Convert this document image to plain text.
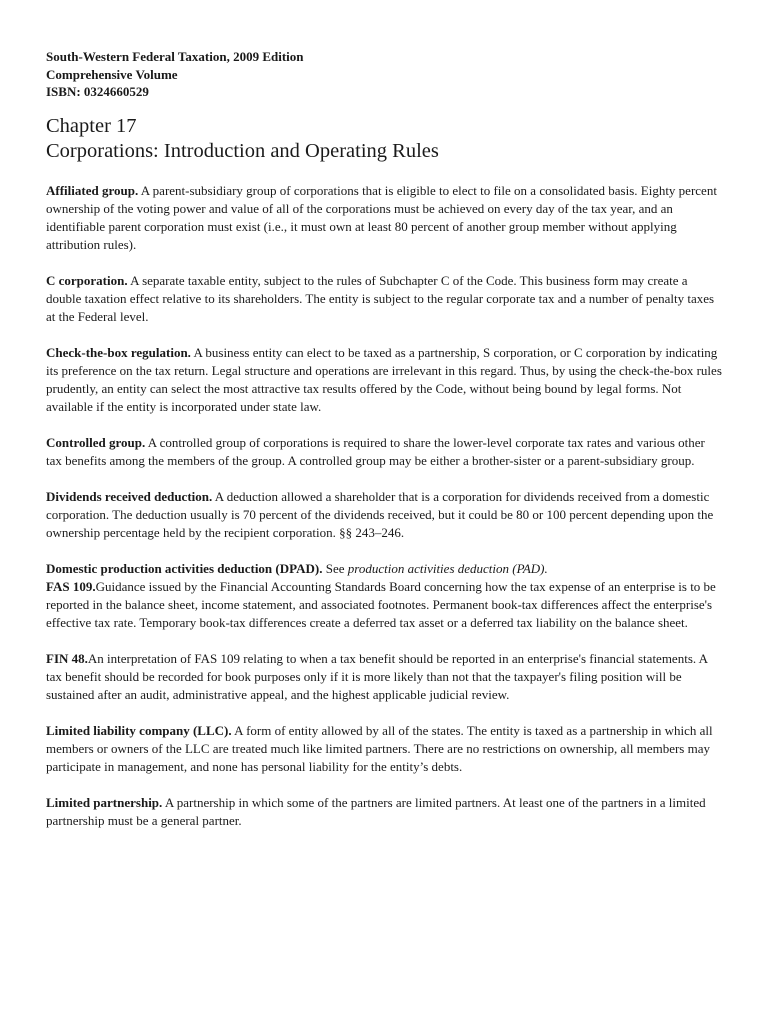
South-Western Federal Taxation, 2009 Edition
Comprehensive Volume
ISBN: 0324660529
Chapter 17
Corporations: Introduction and Operating Rules

Affiliated group. A parent-subsidiary group of corporations that is eligible to elect to file on a consolidated basis. Eighty percent ownership of the voting power and value of all of the corporations must be achieved on every day of the tax year, and an identifiable parent corporation must exist (i.e., it must own at least 80 percent of another group member without applying attribution rules).

C corporation. A separate taxable entity, subject to the rules of Subchapter C of the Code. This business form may create a double taxation effect relative to its shareholders. The entity is subject to the regular corporate tax and a number of penalty taxes at the Federal level.

Check-the-box regulation. A business entity can elect to be taxed as a partnership, S corporation, or C corporation by indicating its preference on the tax return. Legal structure and operations are irrelevant in this regard. Thus, by using the check-the-box rules prudently, an entity can select the most attractive tax results offered by the Code, without being bound by legal forms. Not available if the entity is incorporated under state law.

Controlled group. A controlled group of corporations is required to share the lower-level corporate tax rates and various other tax benefits among the members of the group. A controlled group may be either a brother-sister or a parent-subsidiary group.

Dividends received deduction. A deduction allowed a shareholder that is a corporation for dividends received from a domestic corporation. The deduction usually is 70 percent of the dividends received, but it could be 80 or 100 percent depending upon the ownership percentage held by the recipient corporation. §§ 243–246.

Domestic production activities deduction (DPAD). See production activities deduction (PAD).

FAS 109.Guidance issued by the Financial Accounting Standards Board concerning how the tax expense of an enterprise is to be reported in the balance sheet, income statement, and associated footnotes. Permanent book-tax differences affect the enterprise's effective tax rate. Temporary book-tax differences create a deferred tax asset or a deferred tax liability on the balance sheet.

FIN 48.An interpretation of FAS 109 relating to when a tax benefit should be reported in an enterprise's financial statements. A tax benefit should be recorded for book purposes only if it is more likely than not that the taxpayer's filing position will be sustained after an audit, administrative appeal, and the highest applicable judicial review.

Limited liability company (LLC). A form of entity allowed by all of the states. The entity is taxed as a partnership in which all members or owners of the LLC are treated much like limited partners. There are no restrictions on ownership, all members may participate in management, and none has personal liability for the entity’s debts.

Limited partnership. A partnership in which some of the partners are limited partners. At least one of the partners in a limited partnership must be a general partner.
